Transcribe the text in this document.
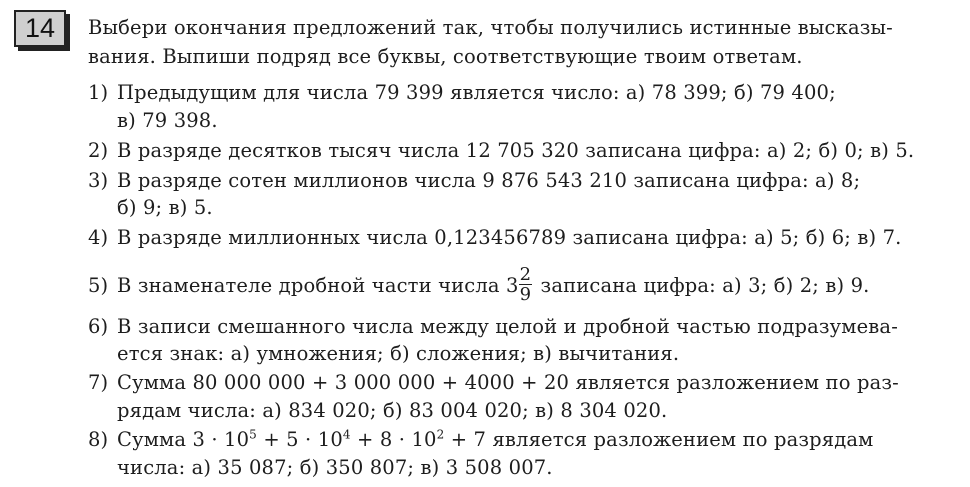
14	Выбери окончания предложений так, чтобы получились истинные высказы-
вания. Выпиши подряд все буквы, соответствующие твоим ответам.
1) Предыдущим для числа 79 399 является число: а) 78 399; б) 79 400;
в) 79 398.
2) В разряде десятков тысяч числа 12 705 320 записана цифра: а) 2; б) 0; в) 5.
3) В разряде сотен миллионов числа 9 876 543 210 записана цифра: а) 8;
б) 9; в) 5.
4) В разряде миллионных числа 0,123456789 записана цифра: а) 5; б) 6; в) 7.
5) В знаменателе дробной части числа $3 \frac{2}{9}$ записана цифра: а) 3; б) 2; в) 9.
6) В записи смешанного числа между целой и дробной частью подразумева-
ется знак: а) умножения; б) сложения; в) вычитания.
7) Сумма 80 000 000 + 3 000 000 + 4000 + 20 является разложением по раз-
рядам числа: а) 834 020; б) 83 004 020; в) 8 304 020.
8) Сумма $3 \cdot 10^5 + 5 \cdot 10^4 + 8 \cdot 10^2 + 7$ является разложением по разрядам
числа: а) 35 087; б) 350 807; в) 3 508 007.
